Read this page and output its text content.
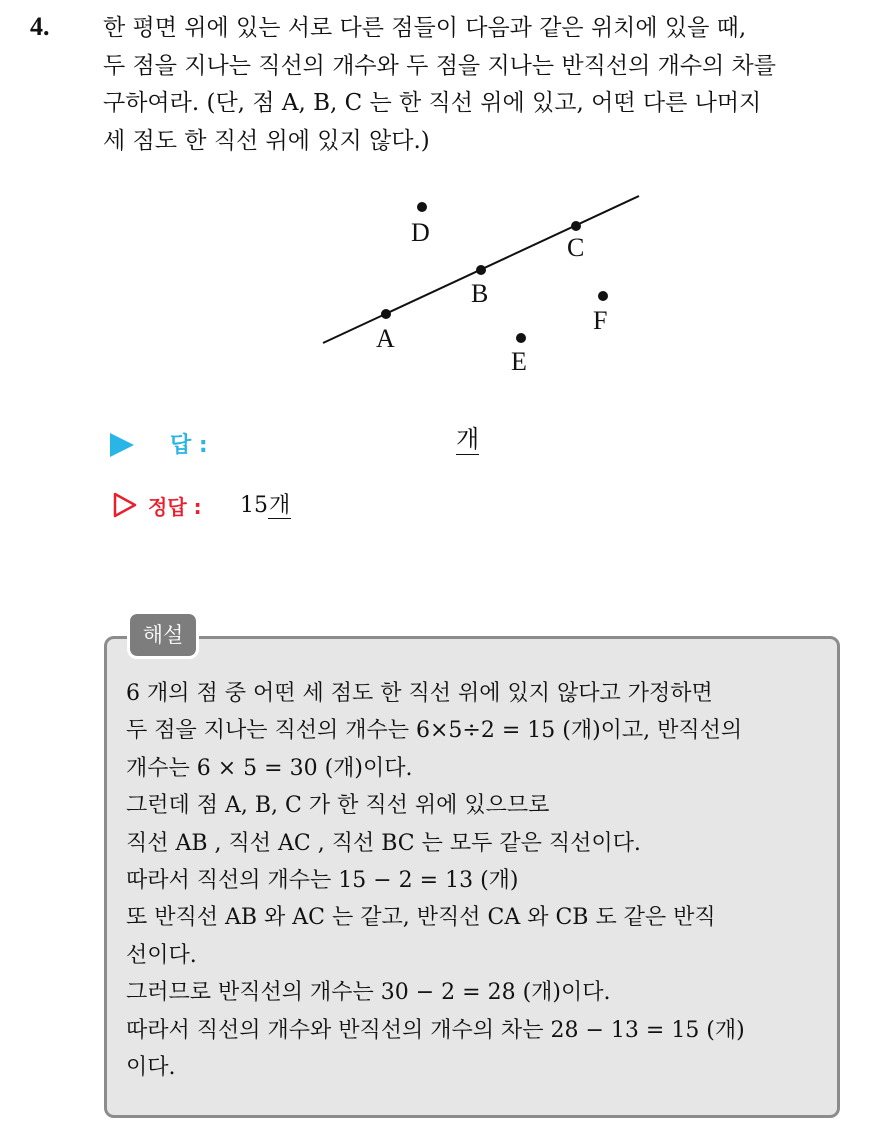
4. 한 평면 위에 있는 서로 다른 점들이 다음과 같은 위치에 있을 때,
두 점을 지나는 직선의 개수와 두 점을 지나는 반직선의 개수의 차를
구하여라. (단, 점 A, B, C 는 한 직선 위에 있고, 어떤 다른 나머지
세 점도 한 직선 위에 있지 않다.)
A
B
C
D
E
F
답 :	개
정답 : 15개
해설
6 개의 점 중 어떤 세 점도 한 직선 위에 있지 않다고 가정하면
두 점을 지나는 직선의 개수는 6×5÷2 = 15 (개)이고, 반직선의
개수는 6 × 5 = 30 (개)이다.
그런데 점 A, B, C 가 한 직선 위에 있으므로
직선 AB , 직선 AC , 직선 BC 는 모두 같은 직선이다.
따라서 직선의 개수는 15 − 2 = 13 (개)
또 반직선 AB 와 AC 는 같고, 반직선 CA 와 CB 도 같은 반직
선이다.
그러므로 반직선의 개수는 30 − 2 = 28 (개)이다.
따라서 직선의 개수와 반직선의 개수의 차는 28 − 13 = 15 (개)
이다.
